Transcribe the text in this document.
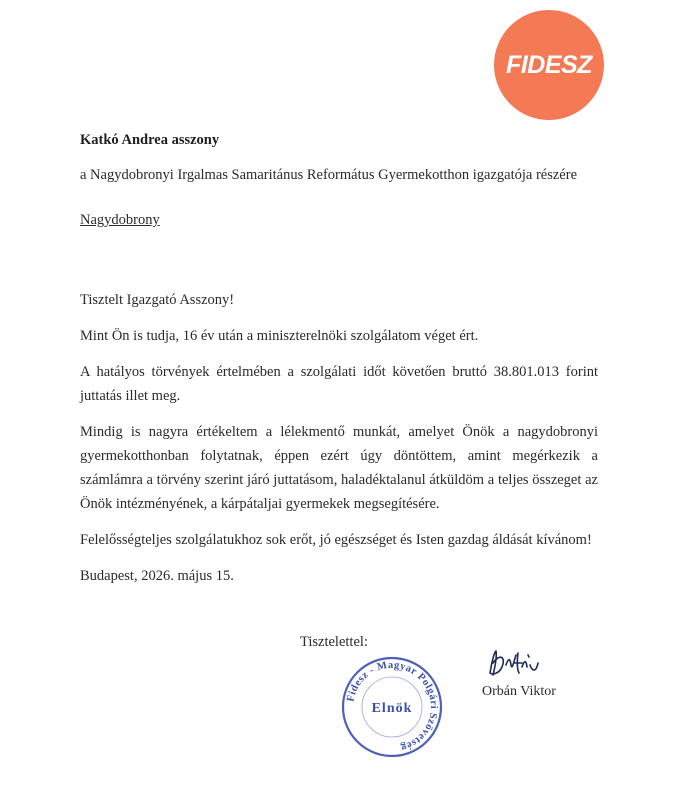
FIDESZ
Katkó Andrea asszony
a Nagydobronyi Irgalmas Samaritánus Református Gyermekotthon igazgatója részére
Nagydobrony

Tisztelt Igazgató Asszony!

Mint Ön is tudja, 16 év után a miniszterelnöki szolgálatom véget ért.

A hatályos törvények értelmében a szolgálati időt követően bruttó 38.801.013 forint juttatás illet meg.

Mindig is nagyra értékeltem a lélekmentő munkát, amelyet Önök a nagydobronyi gyermekotthonban folytatnak, éppen ezért úgy döntöttem, amint megérkezik a számlámra a törvény szerint járó juttatásom, haladéktalanul átküldöm a teljes összeget az Önök intézményének, a kárpátaljai gyermekek megsegítésére.

Felelősségteljes szolgálatukhoz sok erőt, jó egészséget és Isten gazdag áldását kívánom!

Budapest, 2026. május 15.

Tisztelettel:
Orbán Viktor
Fidesz - Magyar Polgári Szövetség
Elnök
